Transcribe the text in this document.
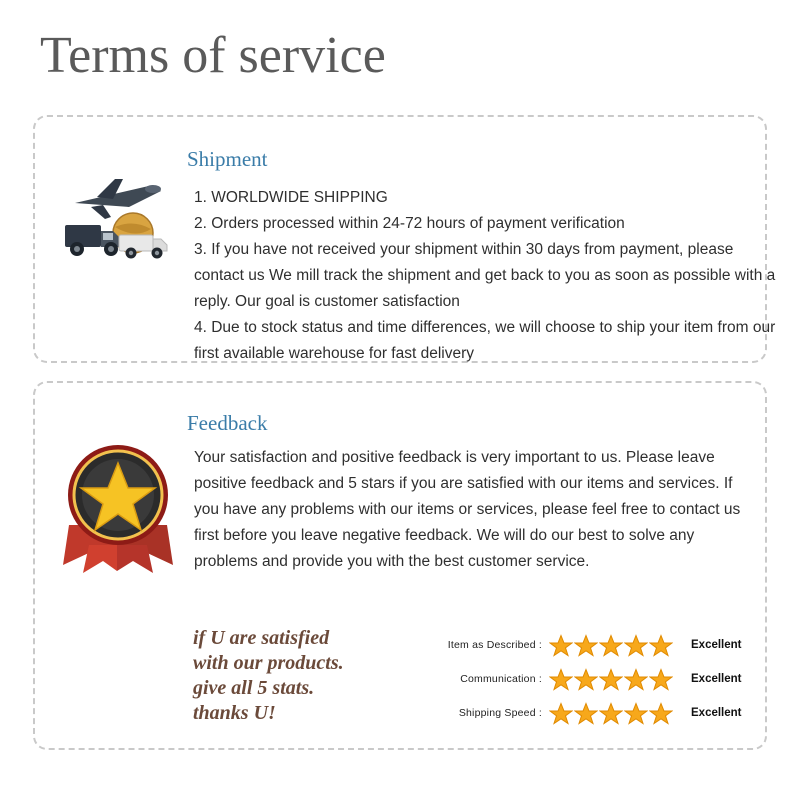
Terms of service
Shipment
1. WORLDWIDE SHIPPING
2. Orders processed within 24-72 hours of payment verification
3. If you have not received your shipment within 30 days from payment, please contact us We mill track the shipment and get back to you as soon as possible with a reply. Our goal is customer satisfaction
4. Due to stock status and time differences, we will choose to ship your item from our first available warehouse for fast delivery
Feedback
Your satisfaction and positive feedback is very important to us. Please leave positive feedback and 5 stars if you are satisfied with our items and services. If you have any problems with our items or services, please feel free to contact us first before you leave negative feedback. We will do our best to solve any problems and provide you with the best customer service.
if U are satisfied
with our products.
give all 5 stats.
thanks U!
Item as Described :	Excellent
Communication :	Excellent
Shipping Speed :	Excellent
